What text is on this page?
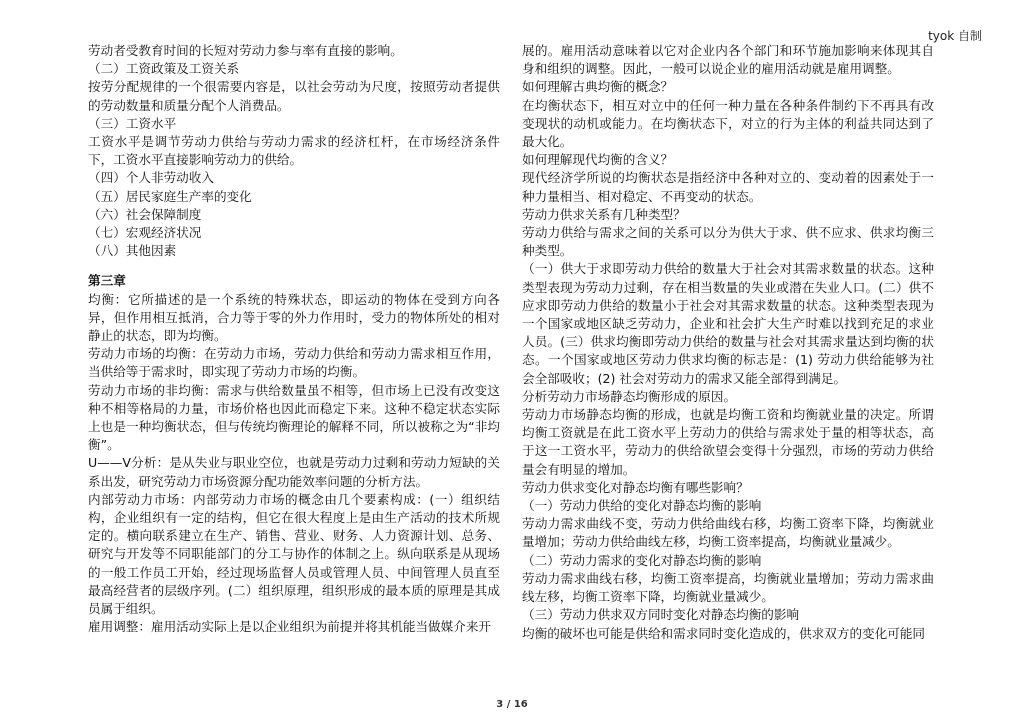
tyok 自制

劳动者受教育时间的长短对劳动力参与率有直接的影响。

（二）工资政策及工资关系

按劳分配规律的一个很需要内容是，以社会劳动为尺度，按照劳动者提供的劳动数量和质量分配个人消费品。

（三）工资水平

工资水平是调节劳动力供给与劳动力需求的经济杠杆，在市场经济条件下，工资水平直接影响劳动力的供给。

（四）个人非劳动收入

（五）居民家庭生产率的变化

（六）社会保障制度

（七）宏观经济状况

（八）其他因素

第三章

均衡：它所描述的是一个系统的特殊状态，即运动的物体在受到方向各异，但作用相互抵消，合力等于零的外力作用时，受力的物体所处的相对静止的状态，即为均衡。

劳动力市场的均衡：在劳动力市场，劳动力供给和劳动力需求相互作用，当供给等于需求时，即实现了劳动力市场的均衡。

劳动力市场的非均衡：需求与供给数量虽不相等，但市场上已没有改变这种不相等格局的力量，市场价格也因此而稳定下来。这种不稳定状态实际上也是一种均衡状态，但与传统均衡理论的解释不同，所以被称之为“非均衡”。

U——V分析：是从失业与职业空位，也就是劳动力过剩和劳动力短缺的关系出发，研究劳动力市场资源分配功能效率问题的分析方法。

内部劳动力市场：内部劳动力市场的概念由几个要素构成：(一）组织结构，企业组织有一定的结构，但它在很大程度上是由生产活动的技术所规定的。横向联系建立在生产、销售、营业、财务、人力资源计划、总务、研究与开发等不同职能部门的分工与协作的体制之上。纵向联系是从现场的一般工作员工开始，经过现场监督人员或管理人员、中间管理人员直至最高经营者的层级序列。(二）组织原理，组织形成的最本质的原理是其成员属于组织。

雇用调整：雇用活动实际上是以企业组织为前提并将其机能当做媒介来开

展的。雇用活动意味着以它对企业内各个部门和环节施加影响来体现其自身和组织的调整。因此，一般可以说企业的雇用活动就是雇用调整。

如何理解古典均衡的概念？

在均衡状态下，相互对立中的任何一种力量在各种条件制约下不再具有改变现状的动机或能力。在均衡状态下，对立的行为主体的利益共同达到了最大化。

如何理解现代均衡的含义？

现代经济学所说的均衡状态是指经济中各种对立的、变动着的因素处于一种力量相当、相对稳定、不再变动的状态。

劳动力供求关系有几种类型？

劳动力供给与需求之间的关系可以分为供大于求、供不应求、供求均衡三种类型。

（一）供大于求即劳动力供给的数量大于社会对其需求数量的状态。这种类型表现为劳动力过剩，存在相当数量的失业或潜在失业人口。(二）供不应求即劳动力供给的数量小于社会对其需求数量的状态。这种类型表现为一个国家或地区缺乏劳动力，企业和社会扩大生产时难以找到充足的求业人员。(三）供求均衡即劳动力供给的数量与社会对其需求量达到均衡的状态。一个国家或地区劳动力供求均衡的标志是：(1) 劳动力供给能够为社会全部吸收；(2) 社会对劳动力的需求又能全部得到满足。

分析劳动力市场静态均衡形成的原因。

劳动力市场静态均衡的形成，也就是均衡工资和均衡就业量的决定。所谓均衡工资就是在此工资水平上劳动力的供给与需求处于量的相等状态，高于这一工资水平，劳动力的供给欲望会变得十分强烈，市场的劳动力供给量会有明显的增加。

劳动力供求变化对静态均衡有哪些影响？

（一）劳动力供给的变化对静态均衡的影响

劳动力需求曲线不变，劳动力供给曲线右移，均衡工资率下降，均衡就业量增加；劳动力供给曲线左移，均衡工资率提高，均衡就业量减少。

（二）劳动力需求的变化对静态均衡的影响

劳动力需求曲线右移，均衡工资率提高，均衡就业量增加；劳动力需求曲线左移，均衡工资率下降，均衡就业量减少。

（三）劳动力供求双方同时变化对静态均衡的影响

均衡的破坏也可能是供给和需求同时变化造成的，供求双方的变化可能同

3 / 16
